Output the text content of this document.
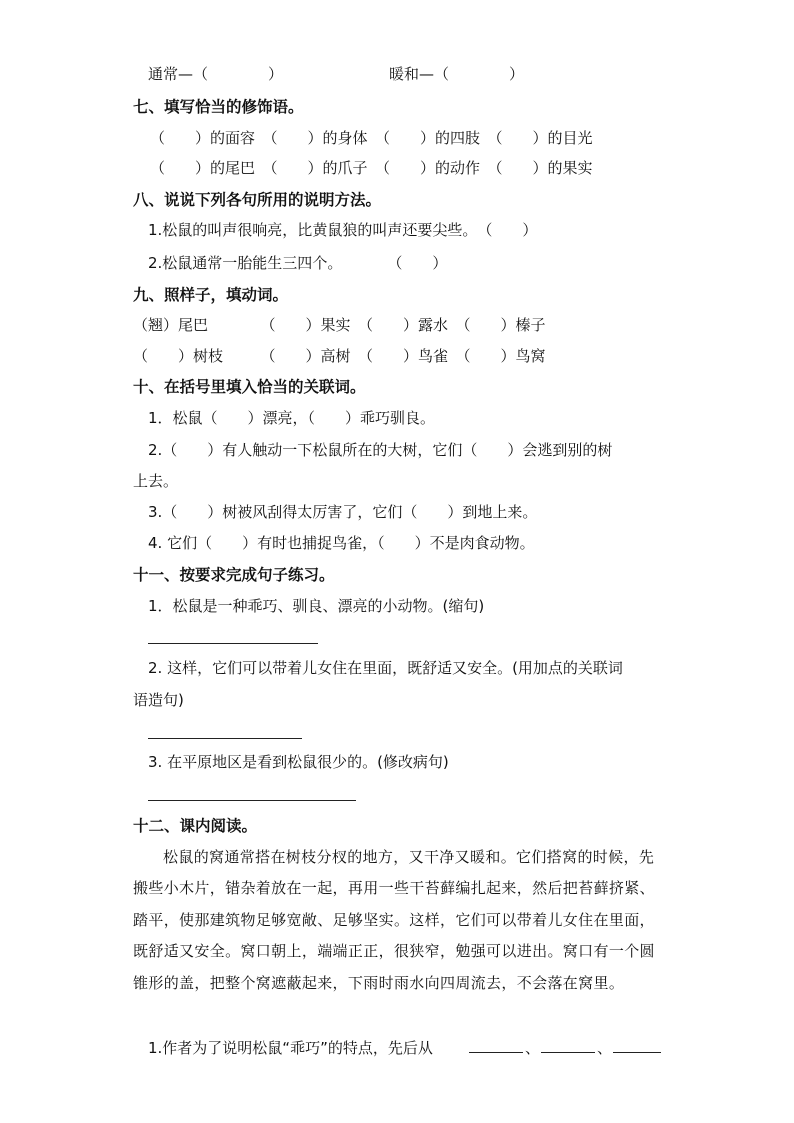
通常—（　　　　）	暖和—（　　　　）
七、填写恰当的修饰语。
（　　）的面容　（　　）的身体　（　　）的四肢　（　　）的目光
（　　）的尾巴　（　　）的爪子　（　　）的动作　（　　）的果实
八、说说下列各句所用的说明方法。
1.松鼠的叫声很响亮，比黄鼠狼的叫声还要尖些。　（　　）
2.松鼠通常一胎能生三四个。　　　　（　　）
九、照样子，填动词。
（翘）尾巴　　　　（　　）果实　（　　）露水　（　　）榛子
（　　）树枝　　　（　　）高树　（　　）鸟雀　（　　）鸟窝
十、在括号里填入恰当的关联词。
1．松鼠（　　）漂亮，（　　）乖巧驯良。
2.（　　）有人触动一下松鼠所在的大树，它们（　　）会逃到别的树
上去。
3.（　　）树被风刮得太厉害了，它们（　　）到地上来。
4. 它们（　　）有时也捕捉鸟雀，（　　）不是肉食动物。
十一、按要求完成句子练习。
1．松鼠是一种乖巧、驯良、漂亮的小动物。(缩句)
2. 这样，它们可以带着儿女住在里面，既舒适又安全。(用加点的关联词
语造句)
3. 在平原地区是看到松鼠很少的。(修改病句)
十二、课内阅读。

松鼠的窝通常搭在树枝分杈的地方，又干净又暖和。它们搭窝的时候，先搬些小木片，错杂着放在一起，再用一些干苔藓编扎起来，然后把苔藓挤紧、踏平，使那建筑物足够宽敞、足够坚实。这样，它们可以带着儿女住在里面，既舒适又安全。窝口朝上，端端正正，很狭窄，勉强可以进出。窝口有一个圆锥形的盖，把整个窝遮蔽起来，下雨时雨水向四周流去，不会落在窝里。

1.作者为了说明松鼠“乖巧”的特点，先后从	、	、
